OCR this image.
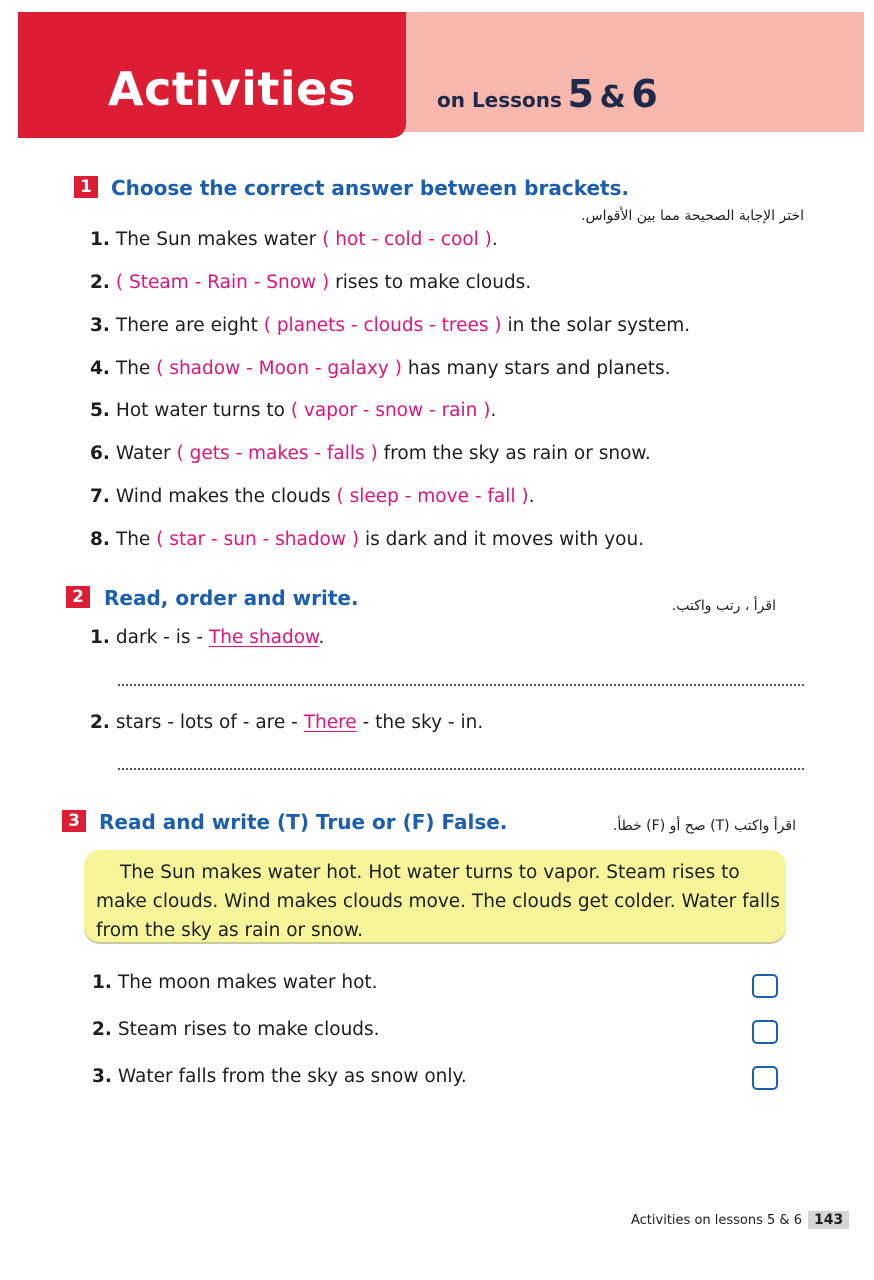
Activities	on Lessons 5 & 6
1 Choose the correct answer between brackets.
اختر الإجابة الصحيحة مما بين الأقواس.
1. The Sun makes water ( hot - cold - cool ).
2. ( Steam - Rain - Snow ) rises to make clouds.
3. There are eight ( planets - clouds - trees ) in the solar system.
4. The ( shadow - Moon - galaxy ) has many stars and planets.
5. Hot water turns to ( vapor - snow - rain ).
6. Water ( gets - makes - falls ) from the sky as rain or snow.
7. Wind makes the clouds ( sleep - move - fall ).
8. The ( star - sun - shadow ) is dark and it moves with you.
2	Read, order and write.	اقرأ ، رتب واكتب.
1. dark - is - The shadow.
2. stars - lots of - are - There - the sky - in.
3 Read and write (T) True or (F) False.	اقرأ واكتب (T) صح أو (F) خطأ.
The Sun makes water hot. Hot water turns to vapor. Steam rises to make clouds. Wind makes clouds move. The clouds get colder. Water falls from the sky as rain or snow.
1. The moon makes water hot.
2. Steam rises to make clouds.
3. Water falls from the sky as snow only.
Activities on lessons 5 & 6 143
